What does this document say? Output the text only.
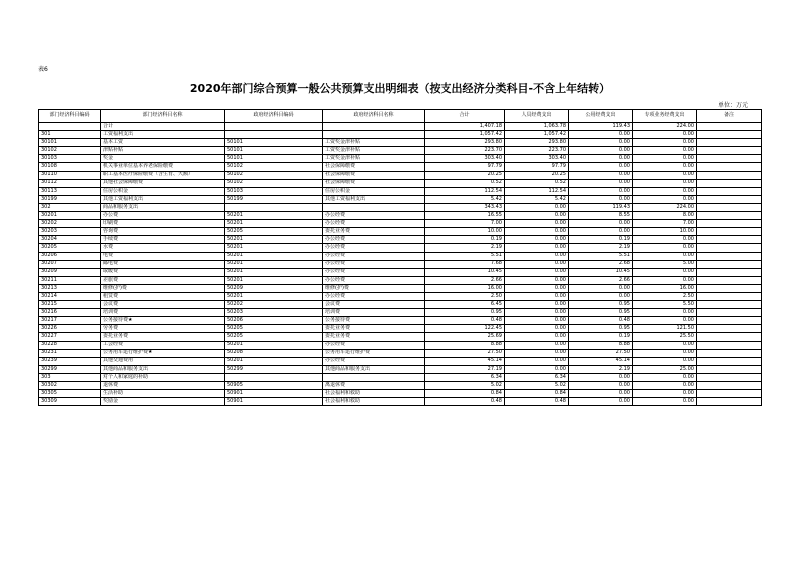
表6
2020年部门综合预算一般公共预算支出明细表（按支出经济分类科目-不含上年结转）
单位：万元
部门经济科目编码	部门经济科目名称	政府经济科目编码	政府经济科目名称	合计	人员经费支出	公用经费支出	专项业务经费支出	备注
	合计			1,407.18	1,063.78	119.43	224.00	
301	工资福利支出			1,057.42	1,057.42	0.00	0.00	
30101	基本工资	50101	工资奖金津补贴	293.80	293.80	0.00	0.00	
30102	津贴补贴	50101	工资奖金津补贴	223.70	223.70	0.00	0.00	
30103	奖金	50101	工资奖金津补贴	303.40	303.40	0.00	0.00	
30108	机关事业单位基本养老保险缴费	50102	社会保障缴费	97.79	97.79	0.00	0.00	
30110	职工基本医疗保险缴费（含生育、大额）	50102	社会保障缴费	20.25	20.25	0.00	0.00	
30112	其他社会保障缴费	50102	社会保障缴费	0.52	0.52	0.00	0.00	
30113	住房公积金	50103	住房公积金	112.54	112.54	0.00	0.00	
30199	其他工资福利支出	50199	其他工资福利支出	5.42	5.42	0.00	0.00	
302	商品和服务支出			343.43	0.00	119.43	224.00	
30201	办公费	50201	办公经费	16.55	0.00	8.55	8.00	
30202	印刷费	50201	办公经费	7.00	0.00	0.00	7.00	
30203	咨询费	50205	委托业务费	10.00	0.00	0.00	10.00	
30204	手续费	50201	办公经费	0.19	0.00	0.19	0.00	
30205	水费	50201	办公经费	2.19	0.00	2.19	0.00	
30206	电费	50201	办公经费	5.51	0.00	5.51	0.00	
30207	邮电费	50201	办公经费	7.68	0.00	2.68	5.00	
30209	取暖费	50201	办公经费	10.45	0.00	10.45	0.00	
30211	差旅费	50201	办公经费	2.66	0.00	2.66	0.00	
30213	维修(护)费	50209	维修(护)费	16.00	0.00	0.00	16.00	
30214	租赁费	50201	办公经费	2.50	0.00	0.00	2.50	
30215	会议费	50202	会议费	6.45	0.00	0.95	5.50	
30216	培训费	50203	培训费	0.95	0.00	0.95	0.00	
30217	公务接待费★	50206	公务接待费	0.48	0.00	0.48	0.00	
30226	劳务费	50205	委托业务费	122.45	0.00	0.95	121.50	
30227	委托业务费	50205	委托业务费	25.69	0.00	0.19	25.50	
30228	工会经费	50201	办公经费	8.88	0.00	8.88	0.00	
30231	公务用车运行维护费★	50208	公务用车运行维护费	27.50	0.00	27.50	0.00	
30239	其他交通费用	50201	办公经费	45.14	0.00	45.14	0.00	
30299	其他商品和服务支出	50299	其他商品和服务支出	27.19	0.00	2.19	25.00	
303	对个人和家庭的补助			6.34	6.34	0.00	0.00	
30302	退休费	50905	离退休费	5.02	5.02	0.00	0.00	
30305	生活补助	50901	社会福利和救助	0.84	0.84	0.00	0.00	
30309	奖励金	50901	社会福利和救助	0.48	0.48	0.00	0.00	
